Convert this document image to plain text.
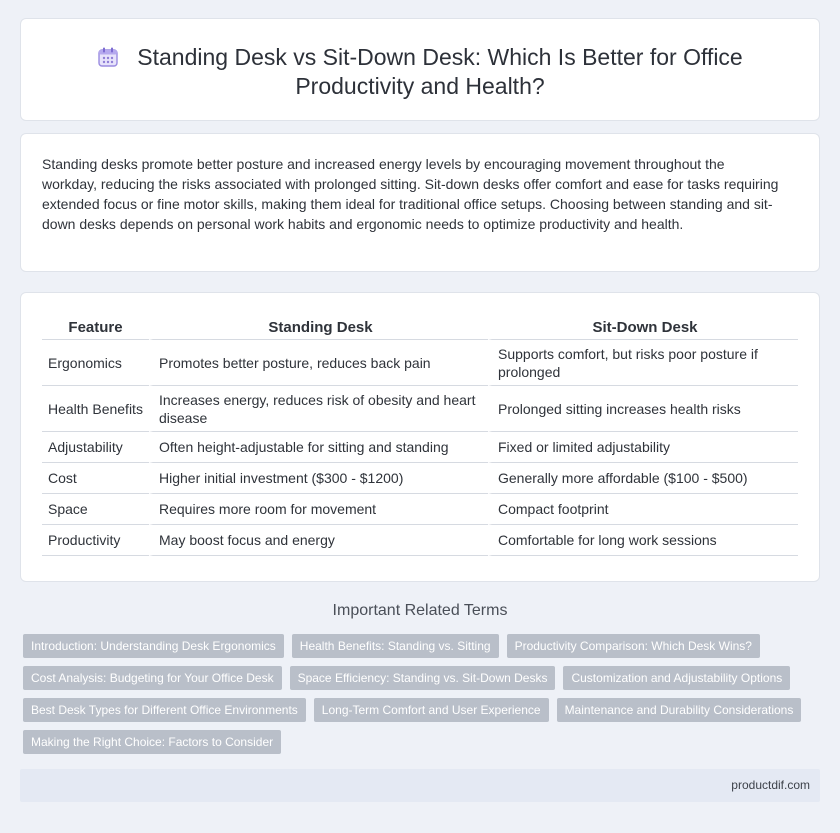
Standing Desk vs Sit-Down Desk: Which Is Better for Office Productivity and Health?

Standing desks promote better posture and increased energy levels by encouraging movement throughout the workday, reducing the risks associated with prolonged sitting. Sit-down desks offer comfort and ease for tasks requiring extended focus or fine motor skills, making them ideal for traditional office setups. Choosing between standing and sit-down desks depends on personal work habits and ergonomic needs to optimize productivity and health.

Feature	Standing Desk	Sit-Down Desk
Ergonomics	Promotes better posture, reduces back pain	Supports comfort, but risks poor posture if prolonged
Health Benefits	Increases energy, reduces risk of obesity and heart disease	Prolonged sitting increases health risks
Adjustability	Often height-adjustable for sitting and standing	Fixed or limited adjustability
Cost	Higher initial investment ($300 - $1200)	Generally more affordable ($100 - $500)
Space	Requires more room for movement	Compact footprint
Productivity	May boost focus and energy	Comfortable for long work sessions
Important Related Terms
Introduction: Understanding Desk Ergonomics	Health Benefits: Standing vs. Sitting	Productivity Comparison: Which Desk Wins?
Cost Analysis: Budgeting for Your Office Desk	Space Efficiency: Standing vs. Sit-Down Desks	Customization and Adjustability Options
Best Desk Types for Different Office Environments	Long-Term Comfort and User Experience	Maintenance and Durability Considerations
Making the Right Choice: Factors to Consider
productdif.com
